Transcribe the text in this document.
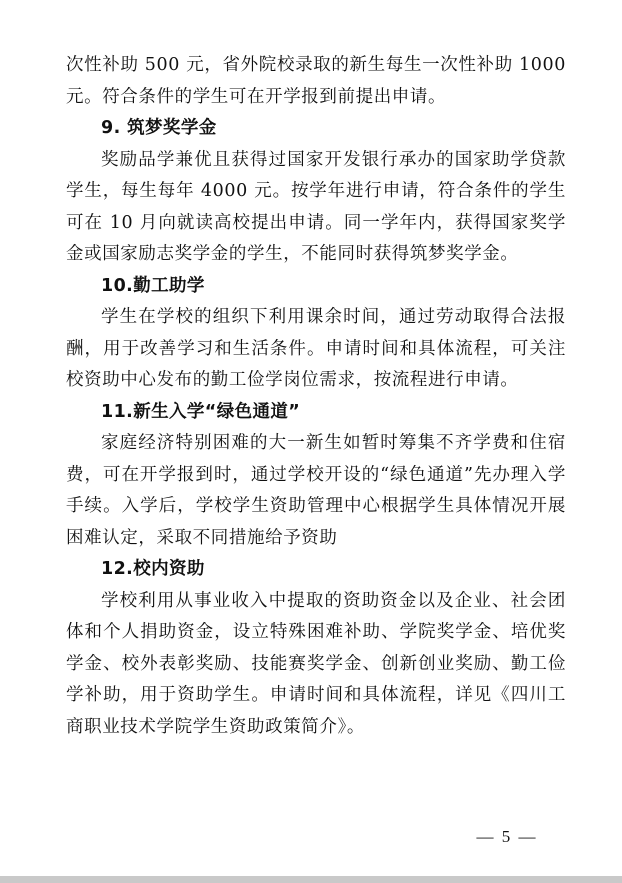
次性补助 500 元，省外院校录取的新生每生一次性补助 1000 元。符合条件的学生可在开学报到前提出申请。

9. 筑梦奖学金

奖励品学兼优且获得过国家开发银行承办的国家助学贷款学生，每生每年 4000 元。按学年进行申请，符合条件的学生可在 10 月向就读高校提出申请。同一学年内，获得国家奖学金或国家励志奖学金的学生，不能同时获得筑梦奖学金。

10.勤工助学

学生在学校的组织下利用课余时间，通过劳动取得合法报酬，用于改善学习和生活条件。申请时间和具体流程，可关注校资助中心发布的勤工俭学岗位需求，按流程进行申请。

11.新生入学“绿色通道”

家庭经济特别困难的大一新生如暂时筹集不齐学费和住宿费，可在开学报到时，通过学校开设的“绿色通道”先办理入学手续。入学后，学校学生资助管理中心根据学生具体情况开展困难认定，采取不同措施给予资助

12.校内资助

学校利用从事业收入中提取的资助资金以及企业、社会团体和个人捐助资金，设立特殊困难补助、学院奖学金、培优奖学金、校外表彰奖励、技能赛奖学金、创新创业奖励、勤工俭学补助，用于资助学生。申请时间和具体流程，详见《四川工商职业技术学院学生资助政策简介》。

— 5 —
